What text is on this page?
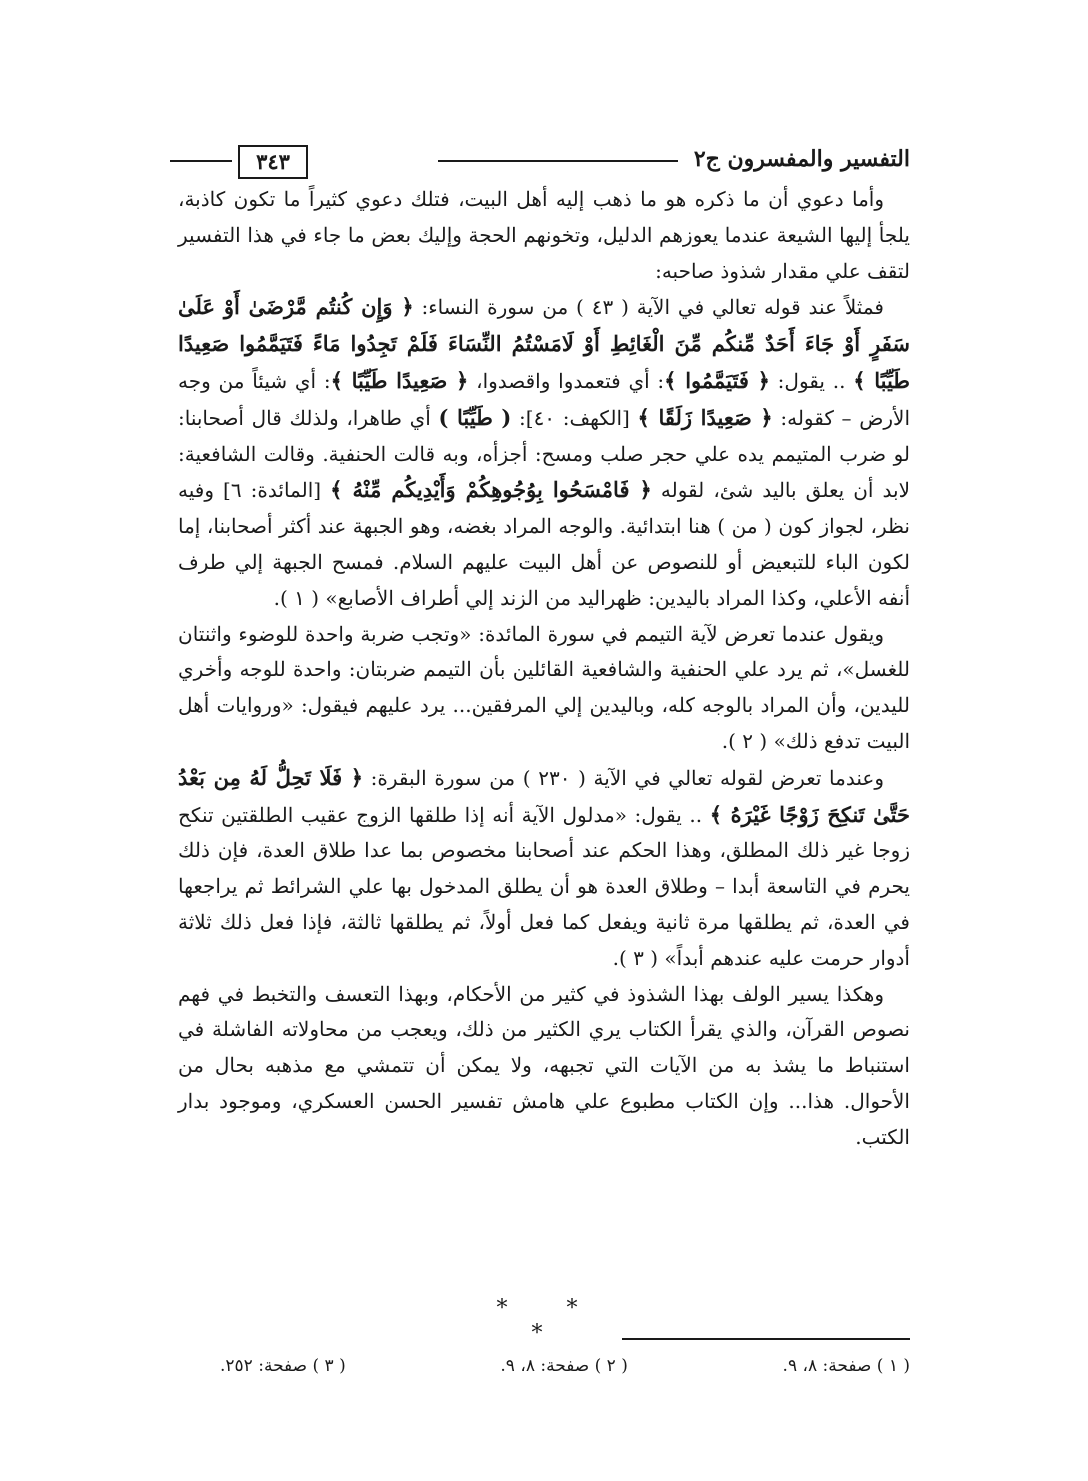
التفسير والمفسرون ج٢
٣٤٣

وأما دعوي أن ما ذكره هو ما ذهب إليه أهل البيت، فتلك دعوي كثيراً ما تكون كاذبة، يلجأ إليها الشيعة عندما يعوزهم الدليل، وتخونهم الحجة وإليك بعض ما جاء في هذا التفسير لتقف علي مقدار شذوذ صاحبه:

فمثلاً عند قوله تعالي في الآية ( ٤٣ ) من سورة النساء: ﴿ وَإِن كُنتُم مَّرْضَىٰ أَوْ عَلَىٰ سَفَرٍ أَوْ جَاءَ أَحَدٌ مِّنكُم مِّنَ الْغَائِطِ أَوْ لَامَسْتُمُ النِّسَاءَ فَلَمْ تَجِدُوا مَاءً فَتَيَمَّمُوا صَعِيدًا طَيِّبًا ﴾ .. يقول: ﴿ فَتَيَمَّمُوا ﴾: أي فتعمدوا واقصدوا، ﴿ صَعِيدًا طَيِّبًا ﴾: أي شيئاً من وجه الأرض – كقوله: ﴿ صَعِيدًا زَلَقًا ﴾ [الكهف: ٤٠]: ( طَيِّبًا ) أي طاهرا، ولذلك قال أصحابنا: لو ضرب المتيمم يده علي حجر صلب ومسح: أجزأه، وبه قالت الحنفية. وقالت الشافعية: لابد أن يعلق باليد شئ، لقوله ﴿ فَامْسَحُوا بِوُجُوهِكُمْ وَأَيْدِيكُم مِّنْهُ ﴾ [المائدة: ٦] وفيه نظر، لجواز كون ( من ) هنا ابتدائية. والوجه المراد بغضه، وهو الجبهة عند أكثر أصحابنا، إما لكون الباء للتبعيض أو للنصوص عن أهل البيت عليهم السلام. فمسح الجبهة إلي طرف أنفه الأعلي، وكذا المراد باليدين: ظهراليد من الزند إلي أطراف الأصابع» ( ١ ).

ويقول عندما تعرض لآية التيمم في سورة المائدة: «وتجب ضربة واحدة للوضوء واثنتان للغسل»، ثم يرد علي الحنفية والشافعية القائلين بأن التيمم ضربتان: واحدة للوجه وأخري لليدين، وأن المراد بالوجه كله، وباليدين إلي المرفقين... يرد عليهم فيقول: «وروايات أهل البيت تدفع ذلك» ( ٢ ).

وعندما تعرض لقوله تعالي في الآية ( ٢٣٠ ) من سورة البقرة: ﴿ فَلَا تَحِلُّ لَهُ مِن بَعْدُ حَتَّىٰ تَنكِحَ زَوْجًا غَيْرَهُ ﴾ .. يقول: «مدلول الآية أنه إذا طلقها الزوج عقيب الطلقتين تنكح زوجا غير ذلك المطلق، وهذا الحكم عند أصحابنا مخصوص بما عدا طلاق العدة، فإن ذلك يحرم في التاسعة أبدا – وطلاق العدة هو أن يطلق المدخول بها علي الشرائط ثم يراجعها في العدة، ثم يطلقها مرة ثانية ويفعل كما فعل أولاً، ثم يطلقها ثالثة، فإذا فعل ذلك ثلاثة أدوار حرمت عليه عندهم أبداً» ( ٣ ).

وهكذا يسير الولف بهذا الشذوذ في كثير من الأحكام، وبهذا التعسف والتخبط في فهم نصوص القرآن، والذي يقرأ الكتاب يري الكثير من ذلك، ويعجب من محاولاته الفاشلة في استنباط ما يشذ به من الآيات التي تجبهه، ولا يمكن أن تتمشي مع مذهبه بحال من الأحوال. هذا... وإن الكتاب مطبوع علي هامش تفسير الحسن العسكري، وموجود بدار الكتب.

* * *
( ١ ) صفحة: ٨، ٩.
( ٢ ) صفحة: ٨، ٩.
( ٣ ) صفحة: ٢٥٢.
